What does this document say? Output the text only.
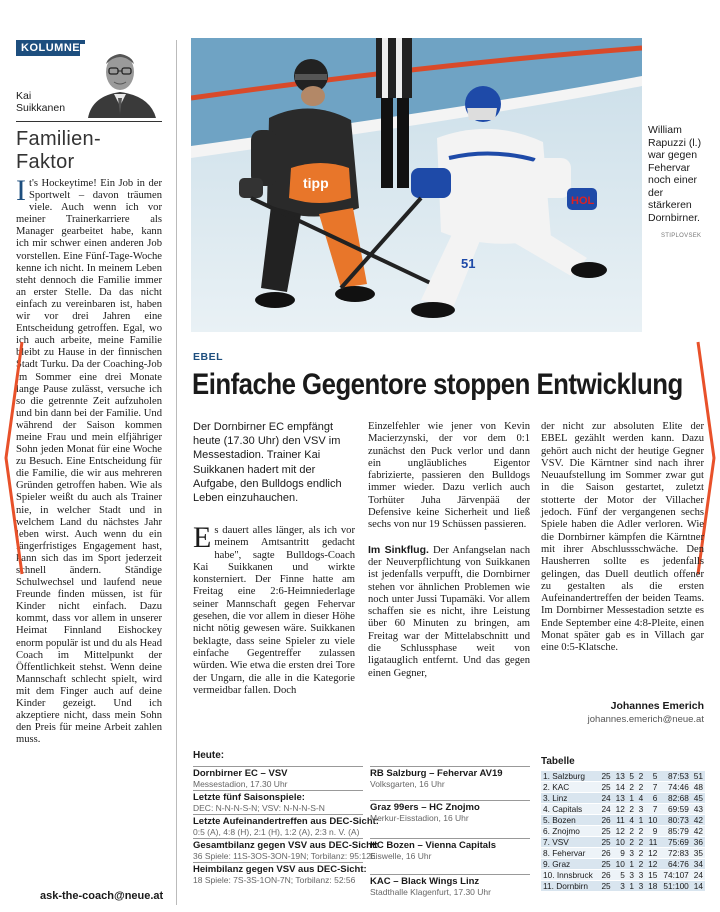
KOLUMNE
Kai
Suikkanen
Familien-
Faktor
It's Hockeytime! Ein Job in der Sportwelt – davon träumen viele. Auch wenn ich vor meiner Trainerkarriere als Manager gearbeitet habe, kann ich mir schwer einen anderen Job vorstellen. Eine Fünf-Tage-Woche kenne ich nicht. In meinem Leben steht dennoch die Familie immer an erster Stelle. Da das nicht einfach zu vereinbaren ist, haben wir vor drei Jahren eine Entscheidung getroffen. Egal, wo ich auch arbeite, meine Familie bleibt zu Hause in der finnischen Stadt Turku. Da der Coaching-Job im Sommer eine drei Monate lange Pause zulässt, versuche ich so die getrennte Zeit aufzuholen und bin dann bei der Familie. Und während der Saison kommen meine Frau und mein elfjähriger Sohn jeden Monat für eine Woche zu Besuch. Eine Entscheidung für die Familie, die wir aus mehreren Gründen getroffen haben. Wie als Spieler weißt du auch als Trainer nie, in welcher Stadt und in welchem Land du nächstes Jahr leben wirst. Auch wenn du ein längerfristiges Engagement hast, kann sich das im Sport jederzeit schnell ändern. Ständige Schulwechsel und laufend neue Freunde finden müssen, ist für Kinder nicht einfach. Dazu kommt, dass vor allem in unserer Heimat Finnland Eishockey enorm populär ist und du als Head Coach im Mittelpunkt der Öffentlichkeit stehst. Wenn deine Mannschaft schlecht spielt, wird mit dem Finger auch auf deine Kinder gezeigt. Und ich akzeptiere nicht, dass mein Sohn den Preis für meine Arbeit zahlen muss.
ask-the-coach@neue.at
tipp
HOL
51
William Rapuzzi (l.) war gegen Fehervar noch einer der stärkeren Dornbirner.
STIPLOVSEK
EBEL
Einfache Gegentore stoppen Entwicklung
Der Dornbirner EC empfängt heute (17.30 Uhr) den VSV im Messestadion. Trainer Kai Suikkanen hadert mit der Aufgabe, den Bulldogs endlich Leben einzuhauchen.
Es dauert alles länger, als ich vor meinem Amtsantritt gedacht habe", sagte Bulldogs-Coach Kai Suikkanen und wirkte konsterniert. Der Finne hatte am Freitag eine 2:6-Heimniederlage seiner Mannschaft gegen Fehervar gesehen, die vor allem in dieser Höhe nicht nötig gewesen wäre. Suikkanen beklagte, dass seine Spieler zu viele einfache Gegentreffer zulassen würden. Wie etwa die ersten drei Tore der Ungarn, die alle in die Kategorie vermeidbar fallen. Doch

Einzelfehler wie jener von Kevin Macierzynski, der vor dem 0:1 zunächst den Puck verlor und dann ein ungläubliches Eigentor fabrizierte, passieren den Bulldogs immer wieder. Dazu verlich auch Torhüter Juha Järvenpää der Defensive keine Sicherheit und ließ sechs von nur 19 Schüssen passieren.

Im Sinkflug. Der Anfangselan nach der Neuverpflichtung von Suikkanen ist jedenfalls verpufft, die Dornbirner stehen vor ähnlichen Problemen wie noch unter Jussi Tupamäki. Vor allem schaffen sie es nicht, ihre Leistung über 60 Minuten zu bringen, am Freitag war der Mittelabschnitt und die Schlussphase weit von ligatauglich entfernt. Und das gegen einen Gegner,

der nicht zur absoluten Elite der EBEL gezählt werden kann. Dazu gehört auch nicht der heutige Gegner VSV. Die Kärntner sind nach ihrer Neuaufstellung im Sommer zwar gut in die Saison gestartet, zuletzt stotterte der Motor der Villacher jedoch. Fünf der vergangenen sechs Spiele haben die Adler verloren. Wie die Dornbirner kämpfen die Kärntner mit ihrer Abschlussschwäche. Den Hausherren sollte es jedenfalls gelingen, das Duell deutlich offener zu gestalten als die ersten Aufeinandertreffen der beiden Teams. Im Dornbirner Messestadion setzte es Ende September eine 4:8-Pleite, einen Monat später gab es in Villach gar eine 0:5-Klatsche.

Johannes Emerich
johannes.emerich@neue.at
Heute:
Dornbirner EC – VSV
Messestadion, 17.30 Uhr
Letzte fünf Saisonspiele:
DEC: N-N-N-S-N; VSV: N-N-N-S-N
Letzte Aufeinandertreffen aus DEC-Sicht:
0:5 (A), 4:8 (H), 2:1 (H), 1:2 (A), 2:3 n. V. (A)
Gesamtbilanz gegen VSV aus DEC-Sicht:
36 Spiele: 11S-3OS-3ON-19N; Torbilanz: 95:126
Heimbilanz gegen VSV aus DEC-Sicht:
18 Spiele: 7S-3S-1ON-7N; Torbilanz: 52:56
RB Salzburg – Fehervar AV19
Volksgarten, 16 Uhr
Graz 99ers – HC Znojmo
Merkur-Eisstadion, 16 Uhr
HC Bozen – Vienna Capitals
Eiswelle, 16 Uhr
KAC – Black Wings Linz
Stadthalle Klagenfurt, 17.30 Uhr
Tabelle
1. Salzburg	25	13	5	2	5	87:53	51
2. KAC	25	14	2	2	7	74:46	48
3. Linz	24	13	1	4	6	82:68	45
4. Capitals	24	12	2	3	7	69:59	43
5. Bozen	26	11	4	1	10	80:73	42
6. Znojmo	25	12	2	2	9	85:79	42
7. VSV	25	10	2	2	11	75:69	36
8. Fehervar	26	9	3	2	12	72:83	35
9. Graz	25	10	1	2	12	64:76	34
10. Innsbruck	26	5	3	3	15	74:107	24
11. Dornbirn	25	3	1	3	18	51:100	14
